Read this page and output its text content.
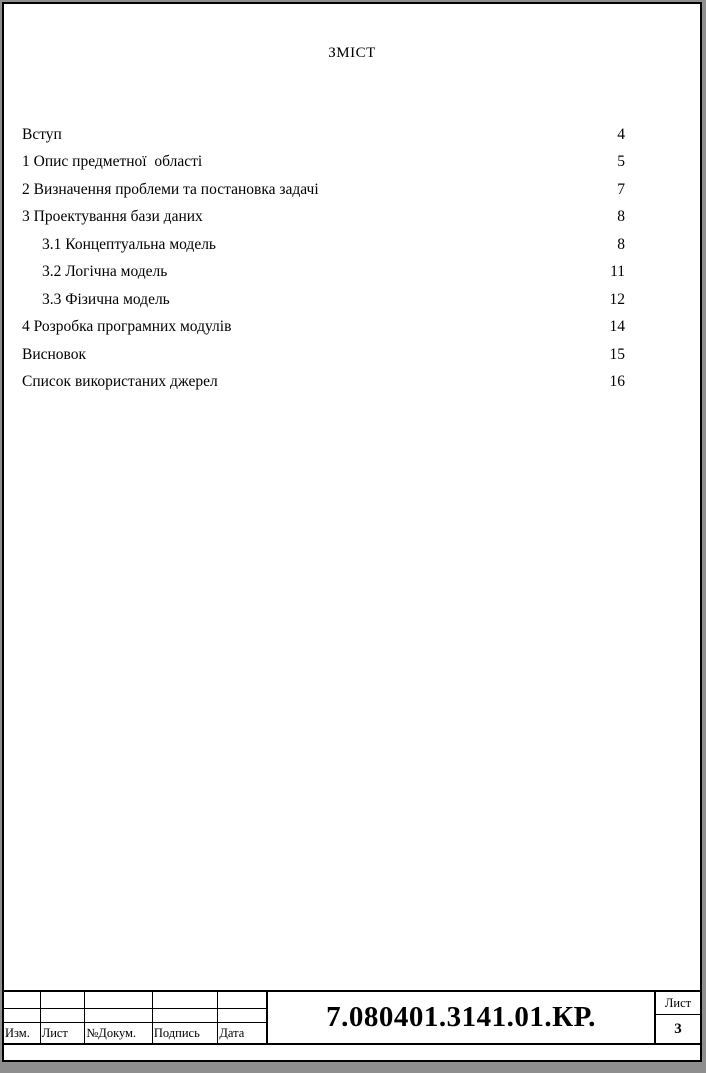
ЗМІСТ
Вступ	4
1 Опис предметної  області	5
2 Визначення проблеми та постановка задачі	7
3 Проектування бази даних	8
3.1 Концептуальна модель	8
3.2 Логічна модель	11
3.3 Фізична модель	12
4 Розробка програмних модулів	14
Висновок	15
Список використаних джерел	16
Изм. Лист	№Докум.	Подпись	Дата	7.080401.3141.01.КР.	Лист
3
